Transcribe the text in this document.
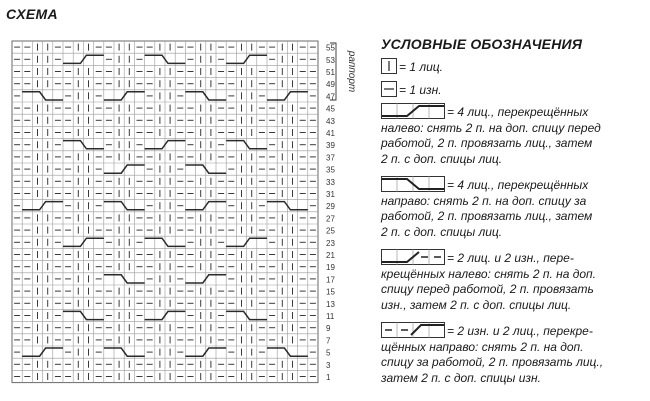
СХЕМА
55
53
51
49
47
45
43
41
39
37
35
33
31
29
27
25
23
21
19
17
15
13
11
9
7
5
3
1
раппорт
УСЛОВНЫЕ ОБОЗНАЧЕНИЯ
= 1 лиц.
= 1 изн.
= 4 лиц., перекрещённых

налево: снять 2 п. на доп. спицу перед

работой, 2 п. провязать лиц., затем

2 п. с доп. спицы лиц.

= 4 лиц., перекрещённых

направо: снять 2 п. на доп. спицу за

работой, 2 п. провязать лиц., затем

2 п. с доп. спицы лиц.

= 2 лиц. и 2 изн., пере-

крещённых налево: снять 2 п. на доп.

спицу перед работой, 2 п. провязать

изн., затем 2 п. с доп. спицы лиц.

= 2 изн. и 2 лиц., перекре-

щённых направо: снять 2 п. на доп.

спицу за работой, 2 п. провязать лиц.,

затем 2 п. с доп. спицы изн.
